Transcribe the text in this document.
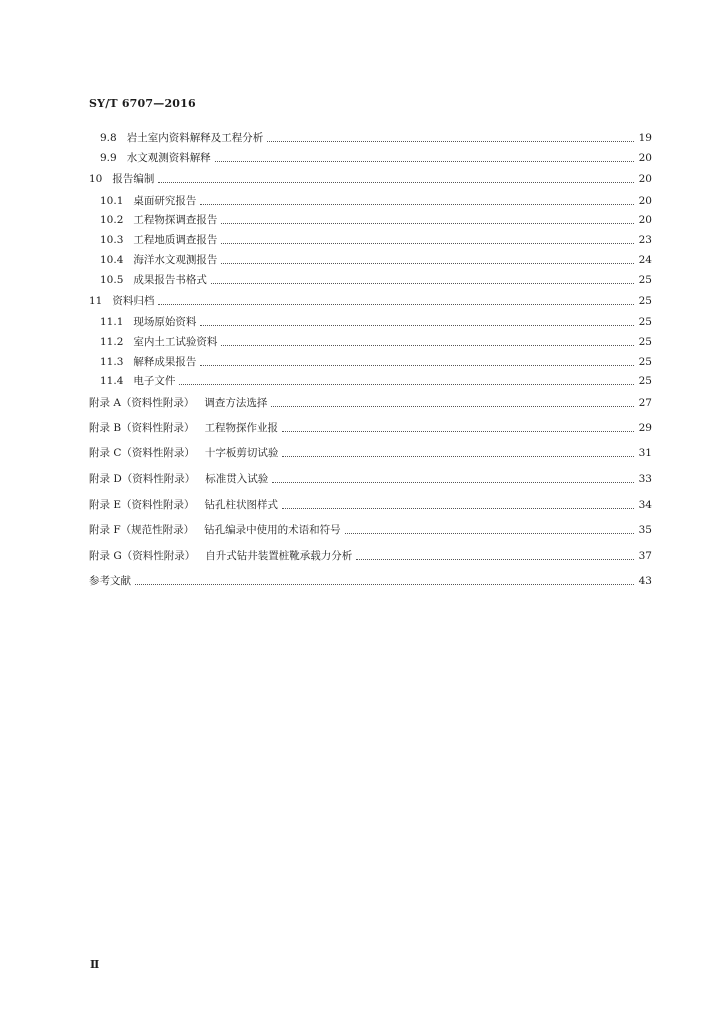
SY/T 6707—2016
9.8 岩土室内资料解释及工程分析	19
9.9 水文观测资料解释	20
10 报告编制	20
10.1 桌面研究报告	20
10.2 工程物探调查报告	20
10.3 工程地质调查报告	23
10.4 海洋水文观测报告	24
10.5 成果报告书格式	25
11 资料归档	25
11.1 现场原始资料	25
11.2 室内土工试验资料	25
11.3 解释成果报告	25
11.4 电子文件	25
附录 A（资料性附录） 调查方法选择	27
附录 B（资料性附录） 工程物探作业报	29
附录 C（资料性附录） 十字板剪切试验	31
附录 D（资料性附录） 标准贯入试验	33
附录 E（资料性附录） 钻孔柱状图样式	34
附录 F（规范性附录） 钻孔编录中使用的术语和符号	35
附录 G（资料性附录） 自升式钻井装置桩靴承载力分析	37
参考文献	43
Ⅱ
